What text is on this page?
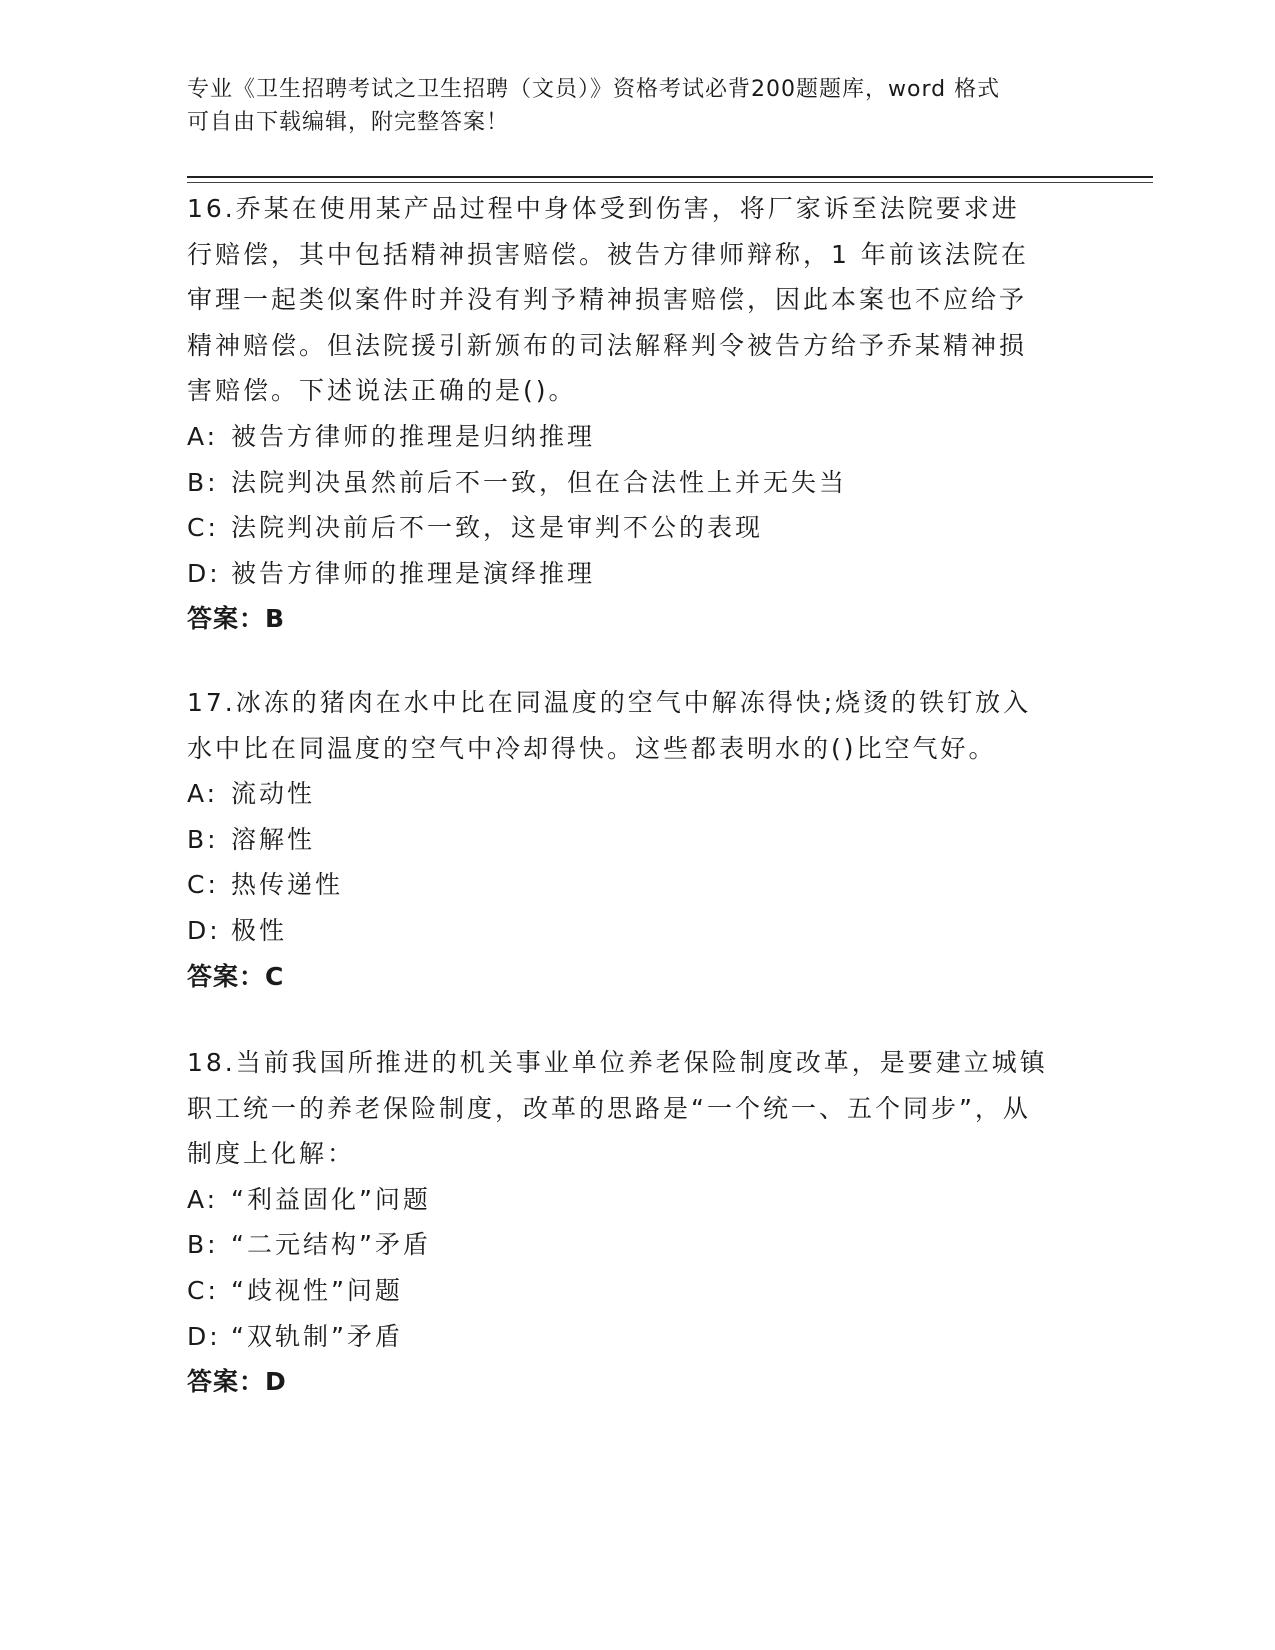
专业《卫生招聘考试之卫生招聘（文员）》资格考试必背200题题库，word 格式
可自由下载编辑，附完整答案！

16.乔某在使用某产品过程中身体受到伤害，将厂家诉至法院要求进行赔偿，其中包括精神损害赔偿。被告方律师辩称，1 年前该法院在审理一起类似案件时并没有判予精神损害赔偿，因此本案也不应给予精神赔偿。但法院援引新颁布的司法解释判令被告方给予乔某精神损害赔偿。下述说法正确的是()。

A: 被告方律师的推理是归纳推理

B: 法院判决虽然前后不一致，但在合法性上并无失当

C: 法院判决前后不一致，这是审判不公的表现

D: 被告方律师的推理是演绎推理

答案：B

17.冰冻的猪肉在水中比在同温度的空气中解冻得快;烧烫的铁钉放入水中比在同温度的空气中冷却得快。这些都表明水的()比空气好。

A: 流动性

B: 溶解性

C: 热传递性

D: 极性

答案：C

18.当前我国所推进的机关事业单位养老保险制度改革，是要建立城镇职工统一的养老保险制度，改革的思路是“一个统一、五个同步”，从制度上化解：

A: “利益固化”问题

B: “二元结构”矛盾

C: “歧视性”问题

D: “双轨制”矛盾

答案：D
